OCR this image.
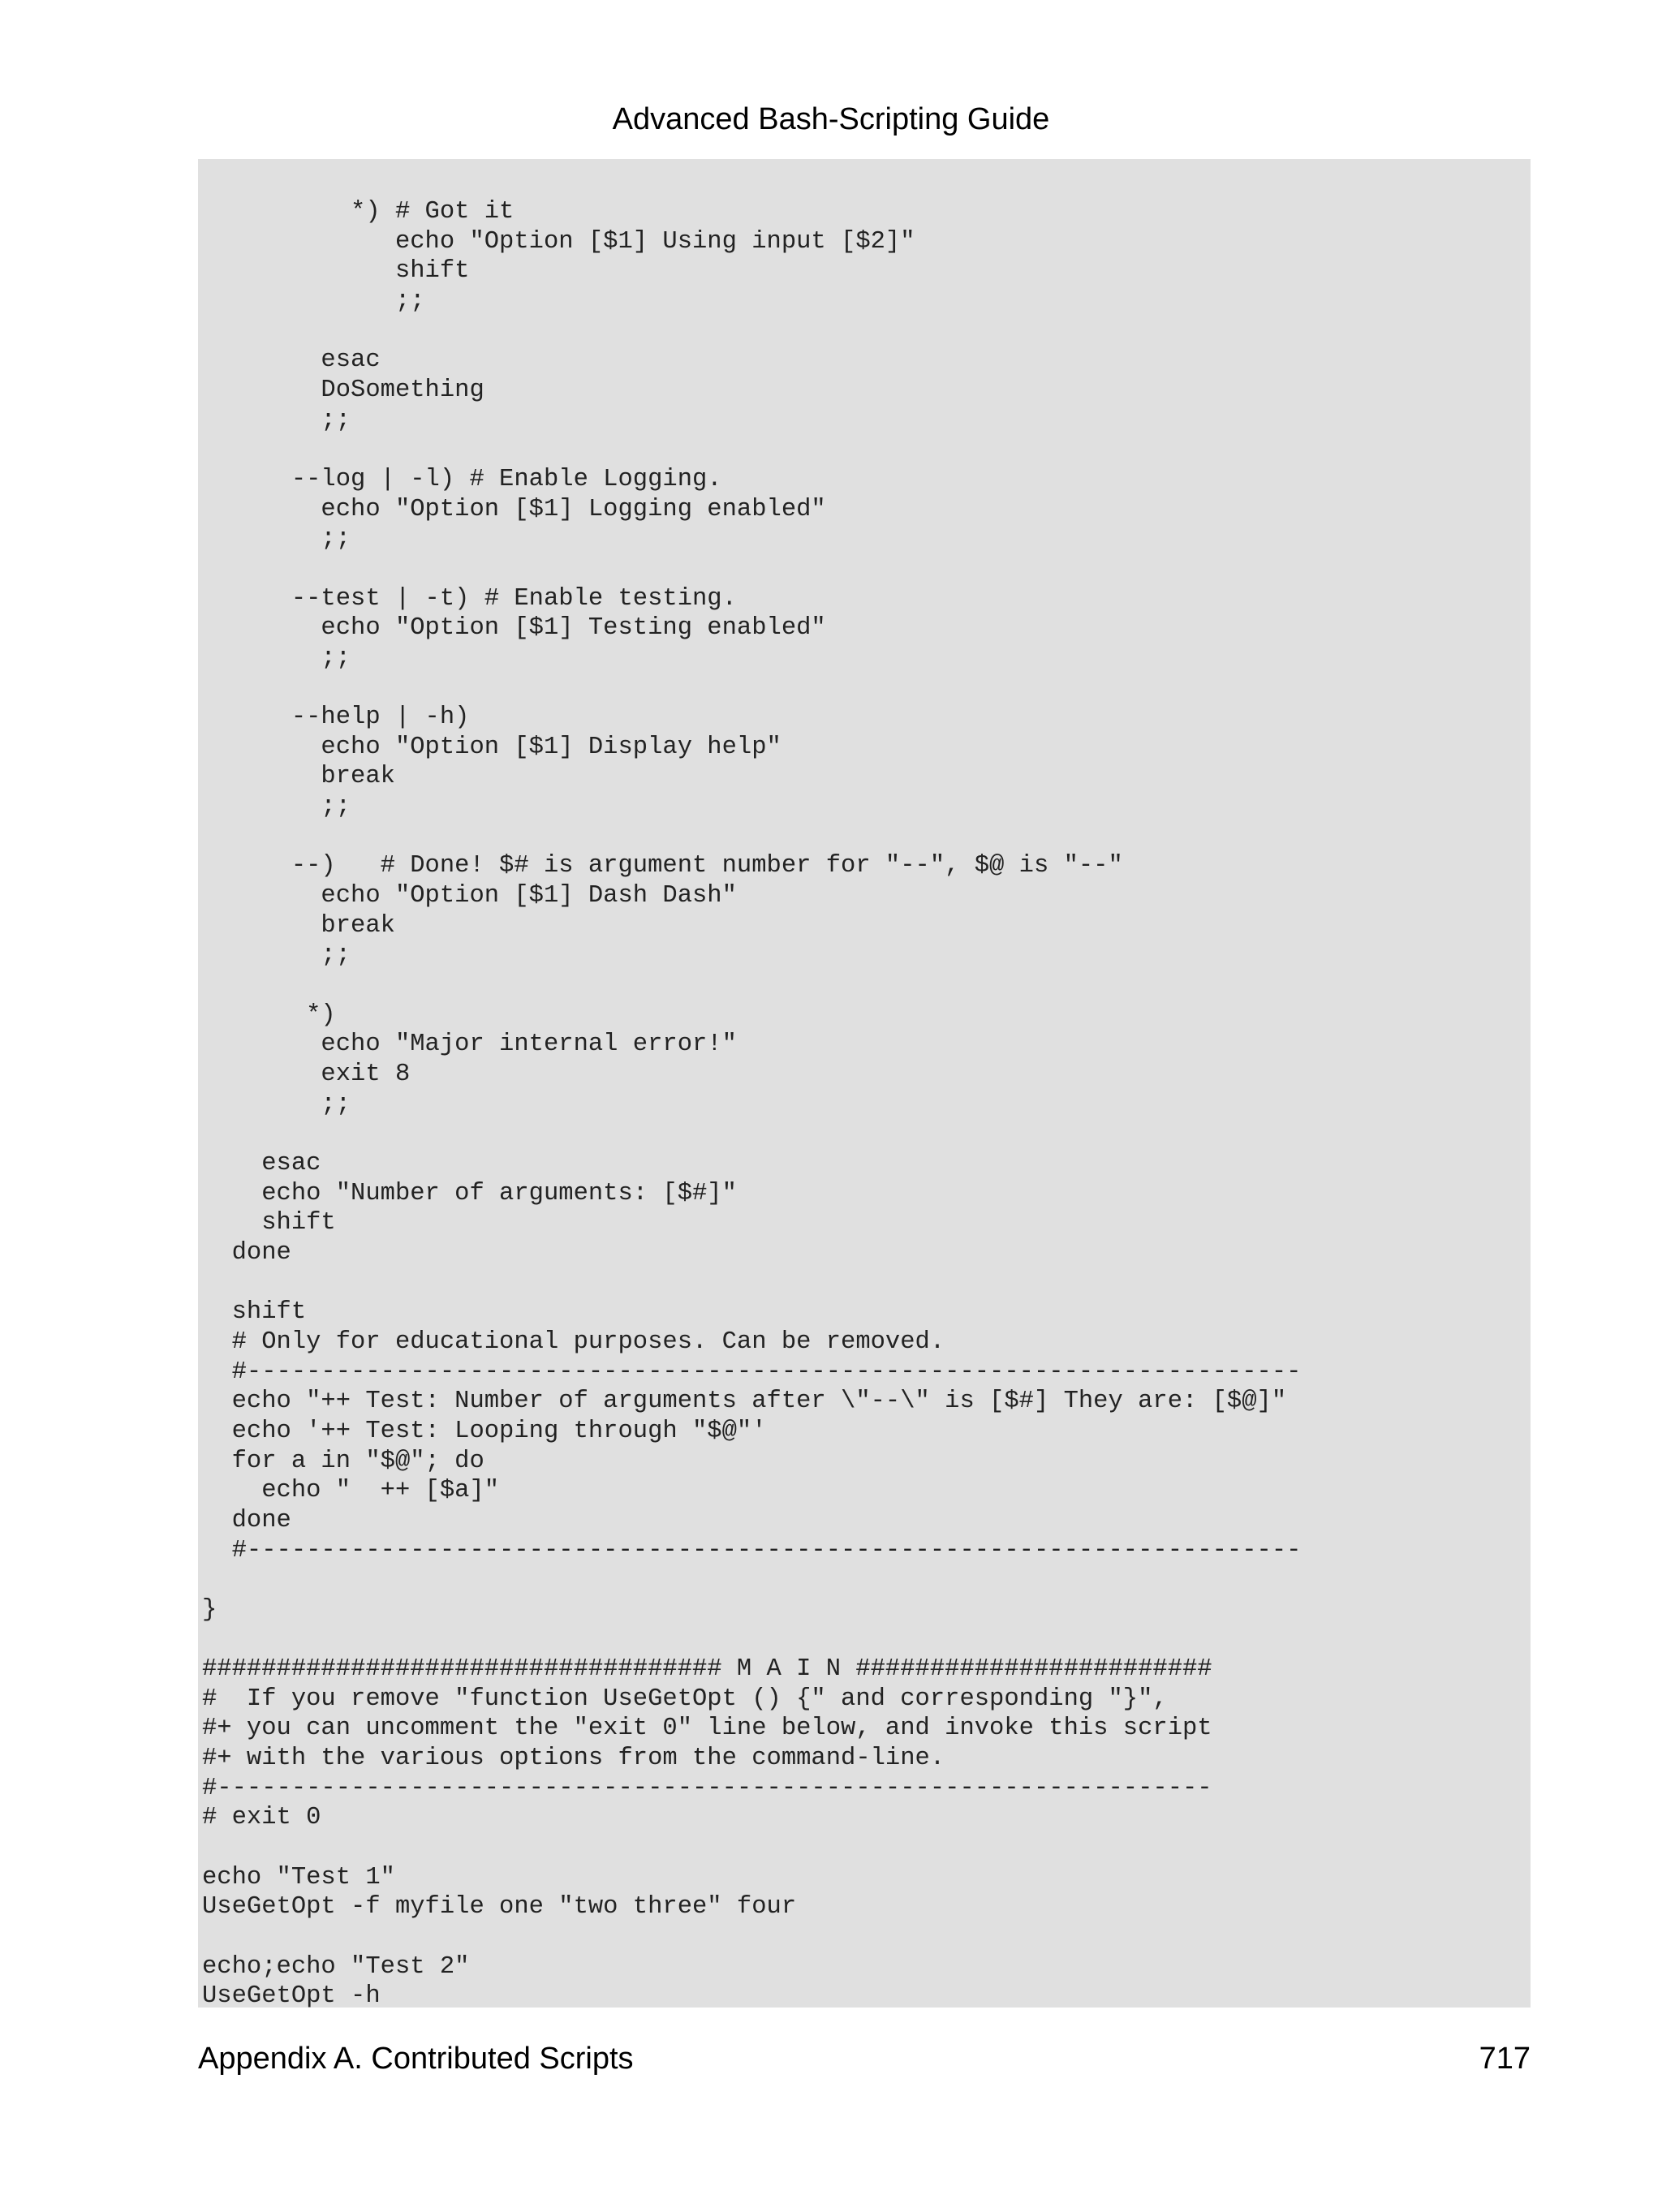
Advanced Bash-Scripting Guide
*) # Got it
echo "Option [$1] Using input [$2]"
shift
;;

esac
DoSomething
;;

--log | -l) # Enable Logging.
echo "Option [$1] Logging enabled"
;;

--test | -t) # Enable testing.
echo "Option [$1] Testing enabled"
;;

--help | -h)
echo "Option [$1] Display help"
break
;;

--)   # Done! $# is argument number for "--", $@ is "--"
echo "Option [$1] Dash Dash"
break
;;

*)
echo "Major internal error!"
exit 8
;;

esac
echo "Number of arguments: [$#]"
shift
done

shift
# Only for educational purposes. Can be removed.
#-----------------------------------------------------------------------
echo "++ Test: Number of arguments after \"--\" is [$#] They are: [$@]"
echo '++ Test: Looping through "$@"'
for a in "$@"; do
echo "  ++ [$a]"
done
#-----------------------------------------------------------------------

}

################################### M A I N ########################
#  If you remove "function UseGetOpt () {" and corresponding "}",
#+ you can uncomment the "exit 0" line below, and invoke this script
#+ with the various options from the command-line.
#-------------------------------------------------------------------
# exit 0

echo "Test 1"
UseGetOpt -f myfile one "two three" four

echo;echo "Test 2"
UseGetOpt -h
Appendix A. Contributed Scripts	717
